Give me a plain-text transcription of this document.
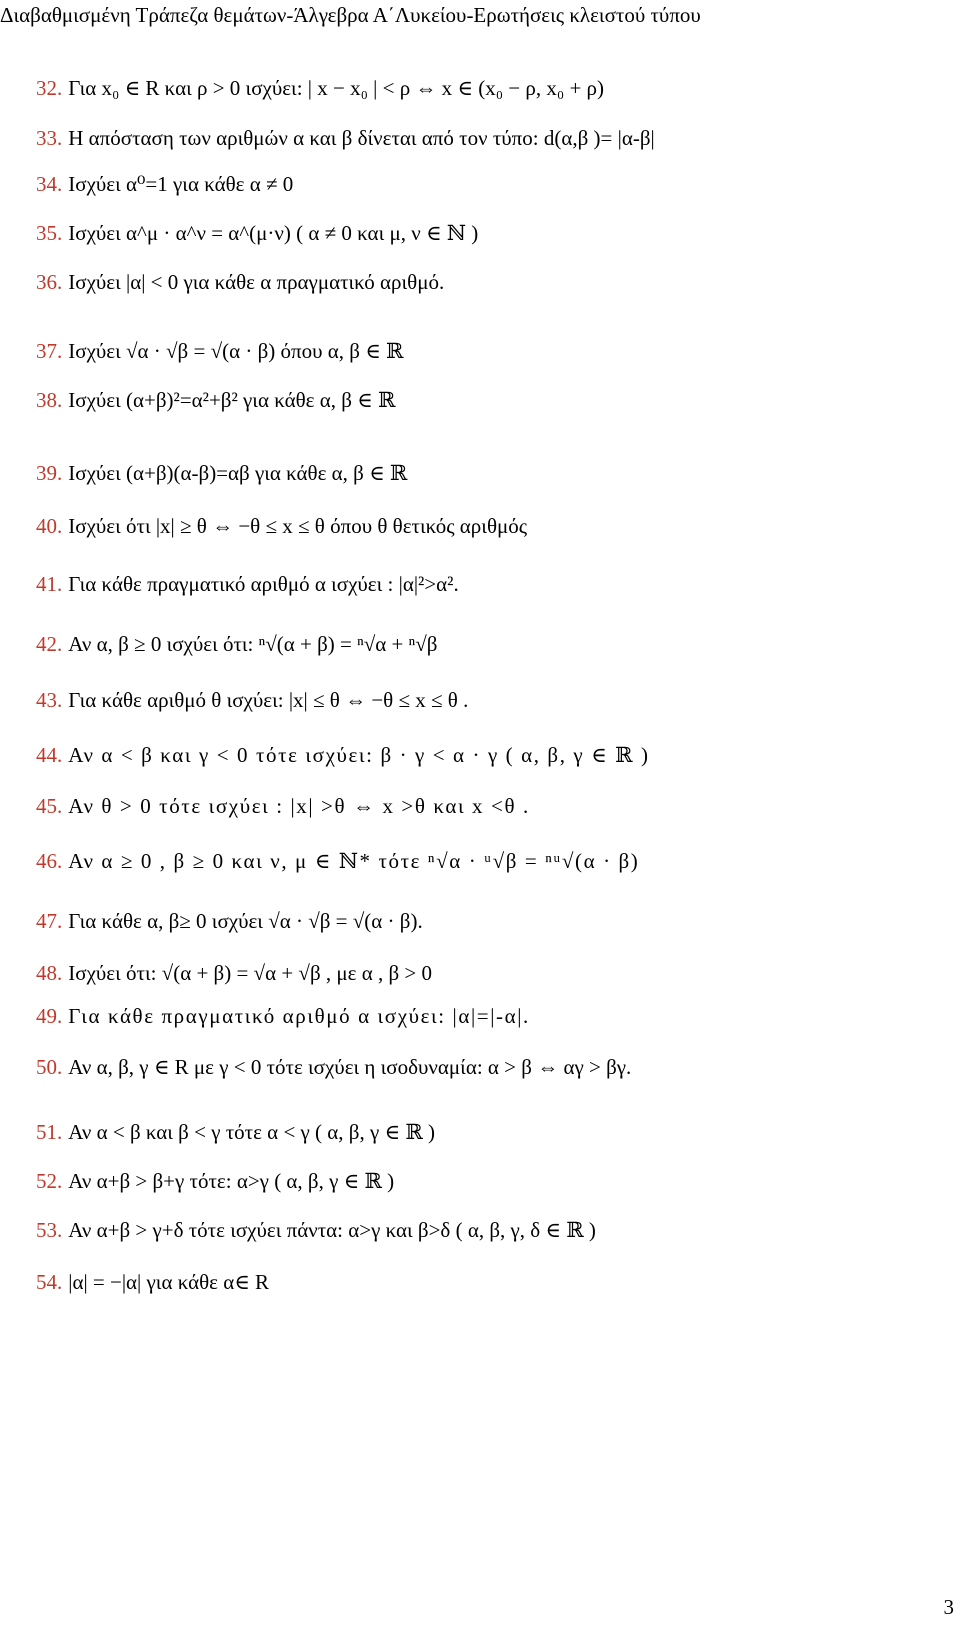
Διαβαθμισμένη Τράπεζα θεμάτων-Άλγεβρα Α΄Λυκείου-Ερωτήσεις κλειστού τύπου
32. Για x₀ ∈ R και ρ > 0 ισχύει: | x − x₀ | < ρ ⇔ x ∈ (x₀ − ρ, x₀ + ρ)
33. Η απόσταση των αριθμών α και β δίνεται από τον τύπο: d(α,β )= |α-β|
34. Ισχύει α⁰=1 για κάθε α ≠ 0
35. Ισχύει α^μ · α^ν = α^(μ·ν) ( α ≠ 0 και μ, ν ∈ ℕ )
36. Ισχύει |α| < 0 για κάθε α πραγματικό αριθμό.
37. Ισχύει √α · √β = √(α · β) όπου α, β ∈ ℝ
38. Ισχύει (α+β)²=α²+β² για κάθε α, β ∈ ℝ
39. Ισχύει (α+β)(α-β)=αβ για κάθε α, β ∈ ℝ
40. Ισχύει ότι |x| ≥ θ ⇔ −θ ≤ x ≤ θ όπου θ θετικός αριθμός
41. Για κάθε πραγματικό αριθμό α ισχύει : |α|²>α².
42. Αν α, β ≥ 0 ισχύει ότι: ⁿ√(α + β) = ⁿ√α + ⁿ√β
43. Για κάθε αριθμό θ ισχύει: |x| ≤ θ ⇔ −θ ≤ x ≤ θ .
44. Αν α < β και γ < 0 τότε ισχύει: β · γ < α · γ ( α, β, γ ∈ ℝ )
45. Αν θ > 0 τότε ισχύει : |x| >θ ⇔ x >θ και x <θ .
46. Αν α ≥ 0 , β ≥ 0 και ν, μ ∈ ℕ* τότε ⁿ√α · ᵘ√β = ⁿᵘ√(α · β)
47. Για κάθε α, β≥ 0 ισχύει √α · √β = √(α · β).
48. Ισχύει ότι: √(α + β) = √α + √β , με α , β > 0
49. Για κάθε πραγματικό αριθμό α ισχύει: |α|=|-α|.
50. Αν α, β, γ ∈ R με γ < 0 τότε ισχύει η ισοδυναμία: α > β ⇔ αγ > βγ.
51. Αν α < β και β < γ τότε α < γ ( α, β, γ ∈ ℝ )
52. Αν α+β > β+γ τότε: α>γ ( α, β, γ ∈ ℝ )
53. Αν α+β > γ+δ τότε ισχύει πάντα: α>γ και β>δ ( α, β, γ, δ ∈ ℝ )
54. |α| = −|α| για κάθε α∈ R
3
